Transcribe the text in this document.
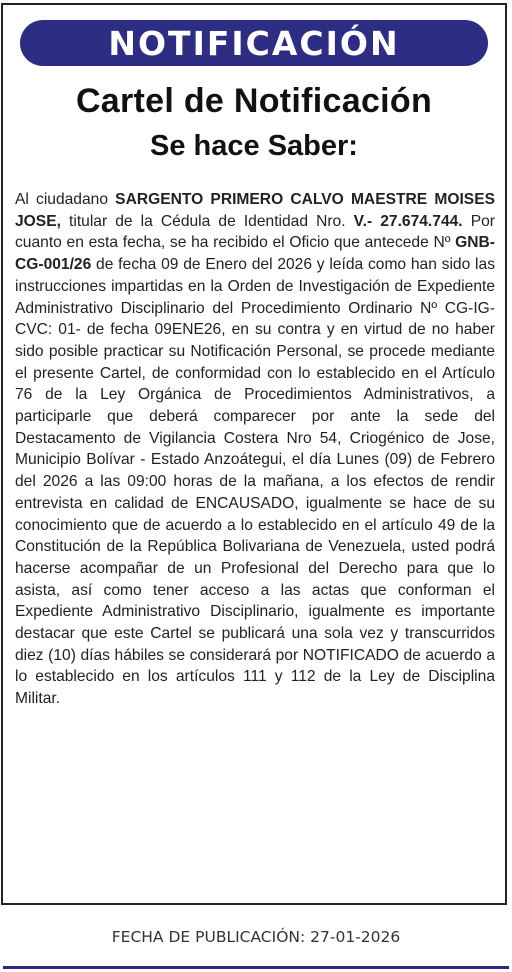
NOTIFICACIÓN
Cartel de Notificación
Se hace Saber:
Al ciudadano SARGENTO PRIMERO CALVO MAESTRE MOISES JOSE, titular de la Cédula de Identidad Nro. V.- 27.674.744. Por cuanto en esta fecha, se ha recibido el Oficio que antecede Nº GNB-CG-001/26 de fecha 09 de Enero del 2026 y leída como han sido las instrucciones impartidas en la Orden de Investigación de Expediente Administrativo Disciplinario del Procedimiento Ordinario Nº CG-IG-CVC: 01- de fecha 09ENE26, en su contra y en virtud de no haber sido posible practicar su Notificación Personal, se procede mediante el presente Cartel, de conformidad con lo establecido en el Artículo 76 de la Ley Orgánica de Procedimientos Administrativos, a participarle que deberá comparecer por ante la sede del Destacamento de Vigilancia Costera Nro 54, Criogénico de Jose, Municipio Bolívar - Estado Anzoátegui, el día Lunes (09) de Febrero del 2026 a las 09:00 horas de la mañana, a los efectos de rendir entrevista en calidad de ENCAUSADO, igualmente se hace de su conocimiento que de acuerdo a lo establecido en el artículo 49 de la Constitución de la República Bolivariana de Venezuela, usted podrá hacerse acompañar de un Profesional del Derecho para que lo asista, así como tener acceso a las actas que conforman el Expediente Administrativo Disciplinario, igualmente es importante destacar que este Cartel se publicará una sola vez y transcurridos diez (10) días hábiles se considerará por NOTIFICADO de acuerdo a lo establecido en los artículos 111 y 112 de la Ley de Disciplina Militar.
FECHA DE PUBLICACIÓN: 27-01-2026
